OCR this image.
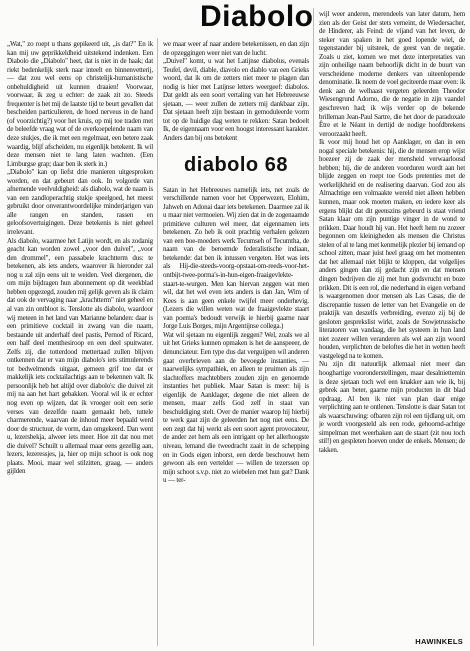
Diabolo

„Wat," zo roept u thans gepikeerd uit, „is dat?" En ik kan mij uw geprikkeldheid uitstekend indenken. Een Diabolo die „Diabolo" heet, dat is niet in de haak; dat riekt bedenkelijk sterk naar inteelt en binnenvetterij, — dat zou wel eens op christelijk-humanistische onbehuldigheid uit kunnen draaien! Voorwaar, voorwaar, ik zeg u echter: de zaak zit zo. Steeds frequenter is het mij de laatste tijd te beurt gevallen dat bescheiden particulieren, de hoed nerveus in de hand (of voorzichtig?) voor het kruis, op mij toe traden met de beleefde vraag wat of de overkoepelende naam van deze stukjes, die ik met een regelmaat, een betere zaak waardig, blijf afscheiden, nu eigenlijk betekent. Ik wil deze mensen niet te lang laten wachten. (Een Limburgse grap; daar ben ik sterk in.)

„Diabolo" kan op liefst drie manieren uitgesproken worden, en dat gebeurt dan ook. In volgorde van afnemende veelvuldigheid: als diabolo, wat de naam is van een zandloperachtig stukje speelgoed, het meest gebruikt door onverantwoordelijke minderjarigen van alle rangen en standen, rassen en geloofsovertuigingen. Deze betekenis is niet geheel irrelevant.

Als diabolo, waarmee het Latijn wordt, en als zodanig geacht kan worden zowel „voor den duivel", „voor den drommel", een passabele krachtterm dus: te betekenen, als iets anders, waarover ik hieronder zal nog u zal zijn eens uit te weiden. Veel diergenen, die om mijn bijdragen hun abonnement op dit weekblad hebben opgezegd, zouden mij gelijk geven als ik claim dat ook de vervaging naar „krachtterm" niet geheel en al van zin ontbloot is. Tenslotte als diabolo, waardoor wij meteen in het land van Marianne belanden: daar is een primitieve cocktail in zwang van die naam, bestaande uit anderhalf deel pastis, Pernod of Ricard, een half deel menthesiroop en een deel spuitwater. Zelfs zij, die totterdood mettertaad zullen blijven ontkennen dat er van mijn diabolo's iets stimulerends tot bedwelmends uitgaat, gemeen grif toe dat er makkelijk iets cocktailachtigs aan te bekennen valt. Ik persoonlijk heb het altijd over diabolo's: die duivel zit mij na aan het hart gebakken. Vooral wil ik er echter nog even op wijzen, dat ik vroeger ooit een serie verses van dezelfde naam gemaakt heb, tuttele charmerende, waarvan de inhoud meer bepaald werd door de structuur, de vorm, dan omgekeerd. Dan went u, lezersbekja, alweer iets meer. Hoe zit dat nou met die duivel? Schuilt u allemaal maar eens gezellig aan, lezers, lezeressjes, ja, hier op mijn schoot is ook nog plaats. Mooi, maar wel stilzitten, graag, — anders gijlden

we maar weer af naar andere betekenissen, en dan zijn de opzeggingen weer niet van de lucht.

„Duivel" komt, u wat het Latijnse diabolus, evenals Teufel, devil, diable, diavolo en diablo van een Grieks woord, dat ik om de zetters niet meer te plagen dan nodig is hier met Latijnse letters weergeef: diabolos. Dat geldt als een soort vertaling van het Hebreeuwse sjetaan, — weer zullen de zetters mij dankbaar zijn. Dat sjetaan heeft zijn bestaan in gemoduleerde vorm tot op de huidige dag weten te rekken: Satan bedoelt Ik, de eigennaam voor een hoogst interessant karakter. Anders dan bij ons betekent

diabolo 68

Satan in het Hebreeuws namelijk iets, net zoals de verschillende namen voor het Opperwezen, Elohim, Jahweh en Adonai daar iets betekenen. Daarmee zal ik u maar niet vermoeien. Wij zien dat in de zogenaamde primitieve culturen wel meer, dat eigennamen iets betekenen. Zo heb ik ooit prachtig verhalen gelezen van een boe-moeders werk Tecumseh of Tecumtha, de naam van de beroemde federalistische indiaan, betekende: dat ben ik intussen vergeten. Het was iets als Hij-die-steeds-voorg-opstaat-om-reeds-voor-het-ontbijt-twee-porma's-in-hun-eigen-fraaigevlekte-staart-te-wurgen. Men kan hiervan zeggen wat men wil, dat het wel even iets anders is dan Jan, Wim of Kees is aan geen enkele twijfel meer onderhevig. (Lezers die willen weten wat de fraaigevlekte staart van poema's bedoudt verwijk ie hierbij gaarne naar Jorge Luis Borges, mijn Argentijnse collega.)

Wat wil sjetaan nu eigenlijk zeggen? Wel, zoals we al uit het Grieks kunnen opmaken is het de aanspeeer, de denunciateur. Een type dus dat verguijpen wil anderen gaat overbrieven aan de bevoegde instanties, — naarwelijks sympathiek, en alleen te pruimen als zijn slachtoffers machtebbers zouden zijn en genoemde instanties het publiek. Maar Satan is meer: hij is eigenlijk de Aanklager, degene die niet alleen de mensen, maar zelfs God zelf in staat van beschuldiging stelt. Over de manier waarop hij hierbij te werk gaat zijn de geleerden het nog niet eens. De een zegt dat hij werkt als een soort agent provocateur, de ander zet hem als een intrigant op het allerhoogste niveau, lemand die tweedracht zaait in de schepping en in Gods eigen inborst, een derde beschouwt hem gewoon als een vertelder — willen de tezerssen op mijn schoot s.v.p. niet zo wiebelen met hun gat? Dank u — ter-

wijl weer anderen, merendeels van later datum, hem zien als der Geist der stets verneint, de Wiedersacher, de Hinderer, als Feind: de vijand van het leven, de steker van spaken in het goed lopende wiel, de tegenstander bij uitsteek, de geest van de negatie. Zoals u ziet, komen we met deze interpretaties van zijn onheilige naam behoorlijk dicht in de buurt van verscheidene moderne denkers van uiteenlopende denominatie. Ik noem de voel geciteerde maar even: ik denk aan de welhaast vergeten geleerden Theodor Wiesengrund Adorno, die de negatie in zijn vaandel geschreven had; ik wijs verder op de bekende brilleman Jean-Paul Sartre, die het door de paradoxale Être et le Néant in dertijd de nodige hoofdbrekens veroorzaakt heeft.

Ik voor mij houd het op Aanklager, en dan in een nogal speciale betekenis: hij, die de mensen erop wijst hoezeer zij de zaak der mensheid verwaarloosd hebben; hij, die de anderen voorduren wordt aan het blijde zeggen en roept toe Gods pretenties met de werkelijkheid en de realisering daarvan. God zou als Almachtige een volmaakte wereld niet alleen hebben kunnen, maar ook moeten maken, en iedere keer als ergens blijkt dat dit geenszins gebeurd is staat vriend Satan klaar om zijn puntige vinger in de wond te prikken. Daar houdt hij van. Het heeft hem nu zozeer begonnen om kleinigheden als mensen die Christus stelen of al te lang met kenmelijk plezier bij iemand op school zitten, maar juist heel graag om het momenten dat het allemaal niet blijkt te kloppen, dat volgelijes anders gingen dan zij gedacht zijn en dat mensen dingen bedrijven die zij met hun godsvrucht en boze prikken. Dit is een rol, die nederhand in eigen verband is waargenomen door mensen als Las Casas, die de discrepantie tussen de letter van het Evangelie en de praktijk van deszelfs verbreiding, evenzo zij bij de gesloten gesprekslist wirkt, zoals de Sowjetrussische literatoren van vandaag, die het systeem in hun land niet zozeer willen veranderen als wel aan zijn woord houden, verplichten de beloftes die het in wetten heeft vastgelegd na te komen.

Nu zijn dit natuurlijk allemaal niet meer dan hooghartige vooronderstellingen, maar desalniettemin is deze sjetaan toch wel een knakker aan wie ik, bij gebrek aan beter, gaarne mijn producten in dit blad opdraag. Al ben ik niet van plan daar enige verplichting aan te ontlenen. Tenslotte is daar Satan tot als waarschuwing: ofbaren zijn rol een tijdlang uit, om je wordt voorgesteld als een rode, gehoornd-achtige simpelman met weerhaken aan de staart (zit nou toch stil!) en gespleten hoeven onder de enkels. Mensen; de takken.

HAWINKELS
